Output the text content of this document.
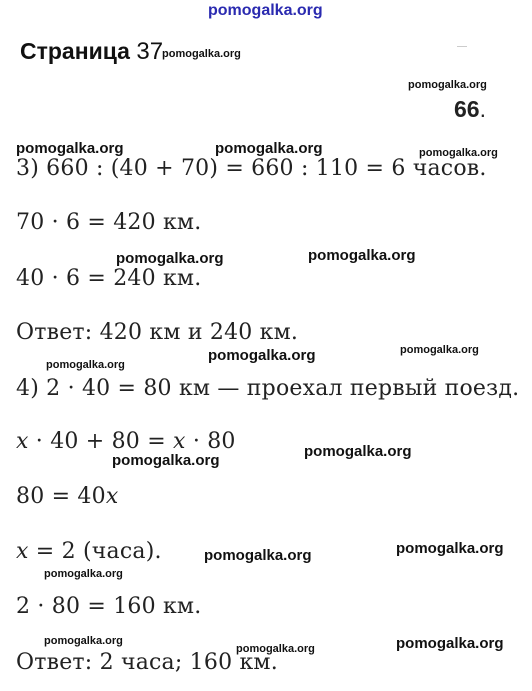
pomogalka.org
Страница 37
pomogalka.org
pomogalka.org
66.
pomogalka.org	pomogalka.org	pomogalka.org
3) 660 : (40 + 70) = 660 : 110 = 6 часов.
70 · 6 = 420 км.
pomogalka.org	pomogalka.org
40 · 6 = 240 км.
Ответ: 420 км и 240 км.
pomogalka.org
pomogalka.org	pomogalka.org
4) 2 · 40 = 80 км — проехал первый поезд.
x · 40 + 80 = x · 80
pomogalka.org
pomogalka.org
80 = 40x
x = 2 (часа).	pomogalka.org	pomogalka.org
pomogalka.org
2 · 80 = 160 км.
pomogalka.org
pomogalka.org	pomogalka.org
Ответ: 2 часа; 160 км.
